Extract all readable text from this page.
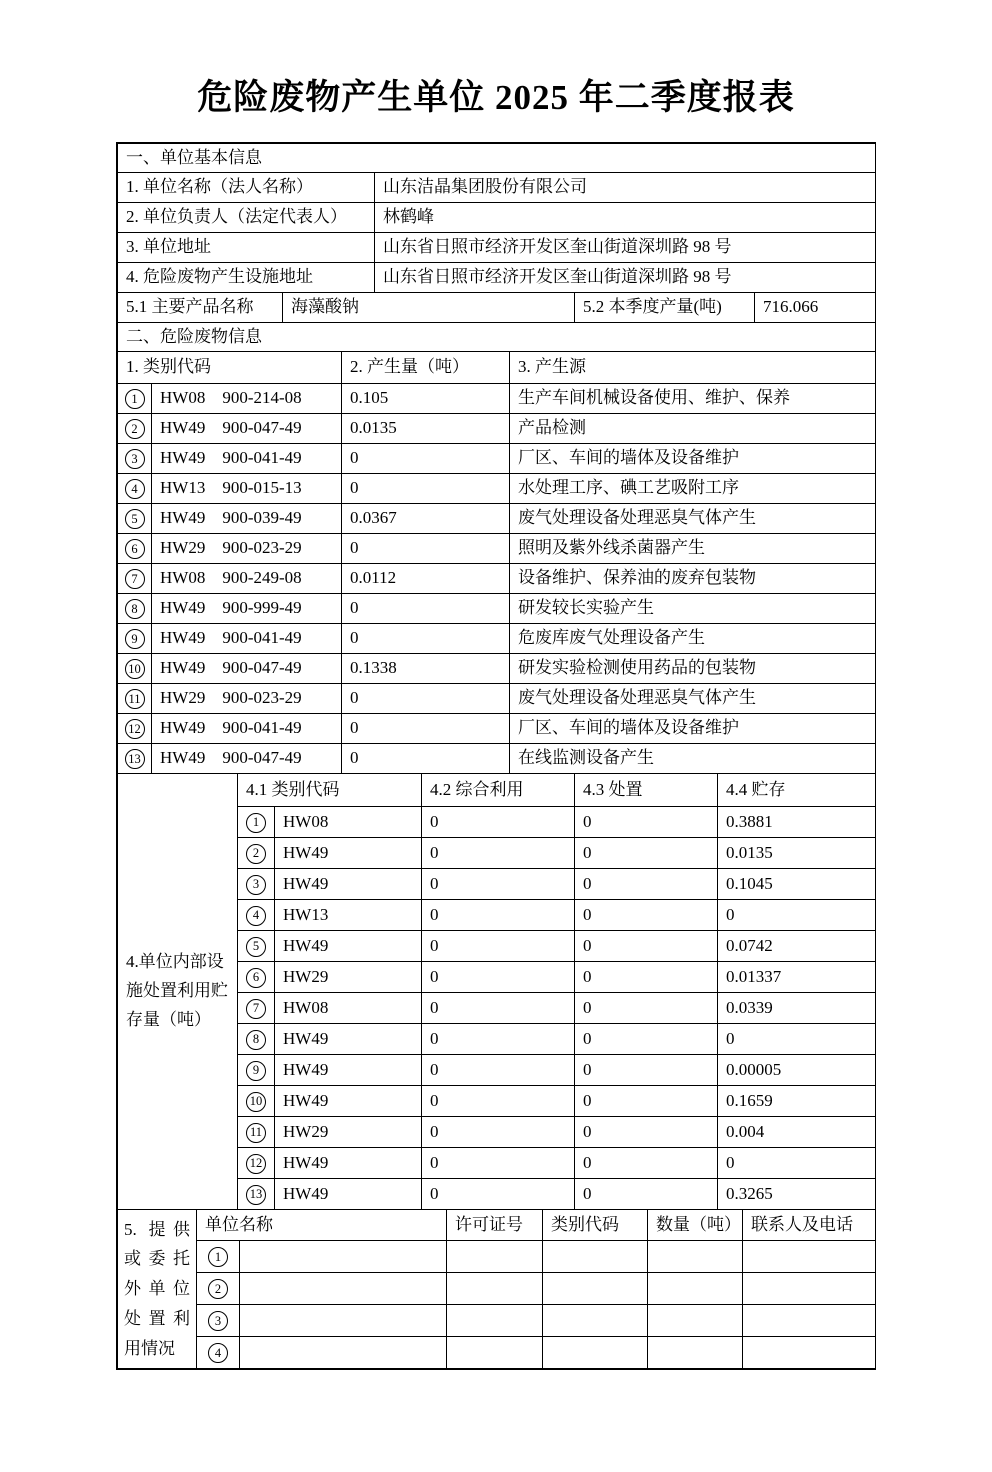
危险废物产生单位 2025 年二季度报表
一、单位基本信息	
1. 单位名称（法人名称）	山东洁晶集团股份有限公司
2. 单位负责人（法定代表人）	林鹤峰
3. 单位地址	山东省日照市经济开发区奎山街道深圳路 98 号
4. 危险废物产生设施地址	山东省日照市经济开发区奎山街道深圳路 98 号
5.1 主要产品名称	海藻酸钠	5.2 本季度产量(吨)	716.066
二、危险废物信息			
1. 类别代码		2. 产生量（吨）	3. 产生源
1	HW08 900-214-08	0.105	生产车间机械设备使用、维护、保养
2	HW49 900-047-49	0.0135	产品检测
3	HW49 900-041-49	0	厂区、车间的墙体及设备维护
4	HW13 900-015-13	0	水处理工序、碘工艺吸附工序
5	HW49 900-039-49	0.0367	废气处理设备处理恶臭气体产生
6	HW29 900-023-29	0	照明及紫外线杀菌器产生
7	HW08 900-249-08	0.0112	设备维护、保养油的废弃包装物
8	HW49 900-999-49	0	研发较长实验产生
9	HW49 900-041-49	0	危废库废气处理设备产生
10	HW49 900-047-49	0.1338	研发实验检测使用药品的包装物
11	HW29 900-023-29	0	废气处理设备处理恶臭气体产生
12	HW49 900-041-49	0	厂区、车间的墙体及设备维护
13	HW49 900-047-49	0	在线监测设备产生
4.单位内部设施处置利用贮存量（吨）	4.1 类别代码		4.2 综合利用	4.3 处置	4.4 贮存
	1	HW08	0	0	0.3881
	2	HW49	0	0	0.0135
	3	HW49	0	0	0.1045
	4	HW13	0	0	0
	5	HW49	0	0	0.0742
	6	HW29	0	0	0.01337
	7	HW08	0	0	0.0339
	8	HW49	0	0	0
	9	HW49	0	0	0.00005
	10	HW49	0	0	0.1659
	11	HW29	0	0	0.004
	12	HW49	0	0	0
	13	HW49	0	0	0.3265
5. 提供或委托外单位处置利用情况	单位名称		许可证号	类别代码	数量（吨）	联系人及电话
	1					
	2					
	3					
	4					
